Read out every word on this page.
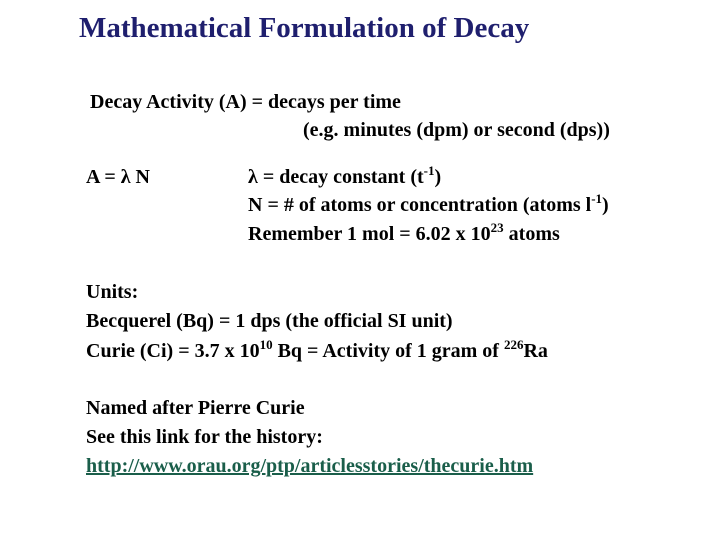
Mathematical Formulation of Decay
Decay Activity (A) = decays per time
(e.g. minutes (dpm) or second (dps))
A = λ N	λ = decay constant $(t^{-1})$
N = # of atoms or concentration (atoms $l^{-1}$)
Remember 1 mol = 6.02 x $10^{23}$ atoms
Units:
Becquerel (Bq) = 1 dps (the official SI unit)
Curie (Ci) = 3.7 x $10^{10}$ Bq = Activity of 1 gram of $^{226}$Ra
Named after Pierre Curie
See this link for the history:
http://www.orau.org/ptp/articlesstories/thecurie.htm
